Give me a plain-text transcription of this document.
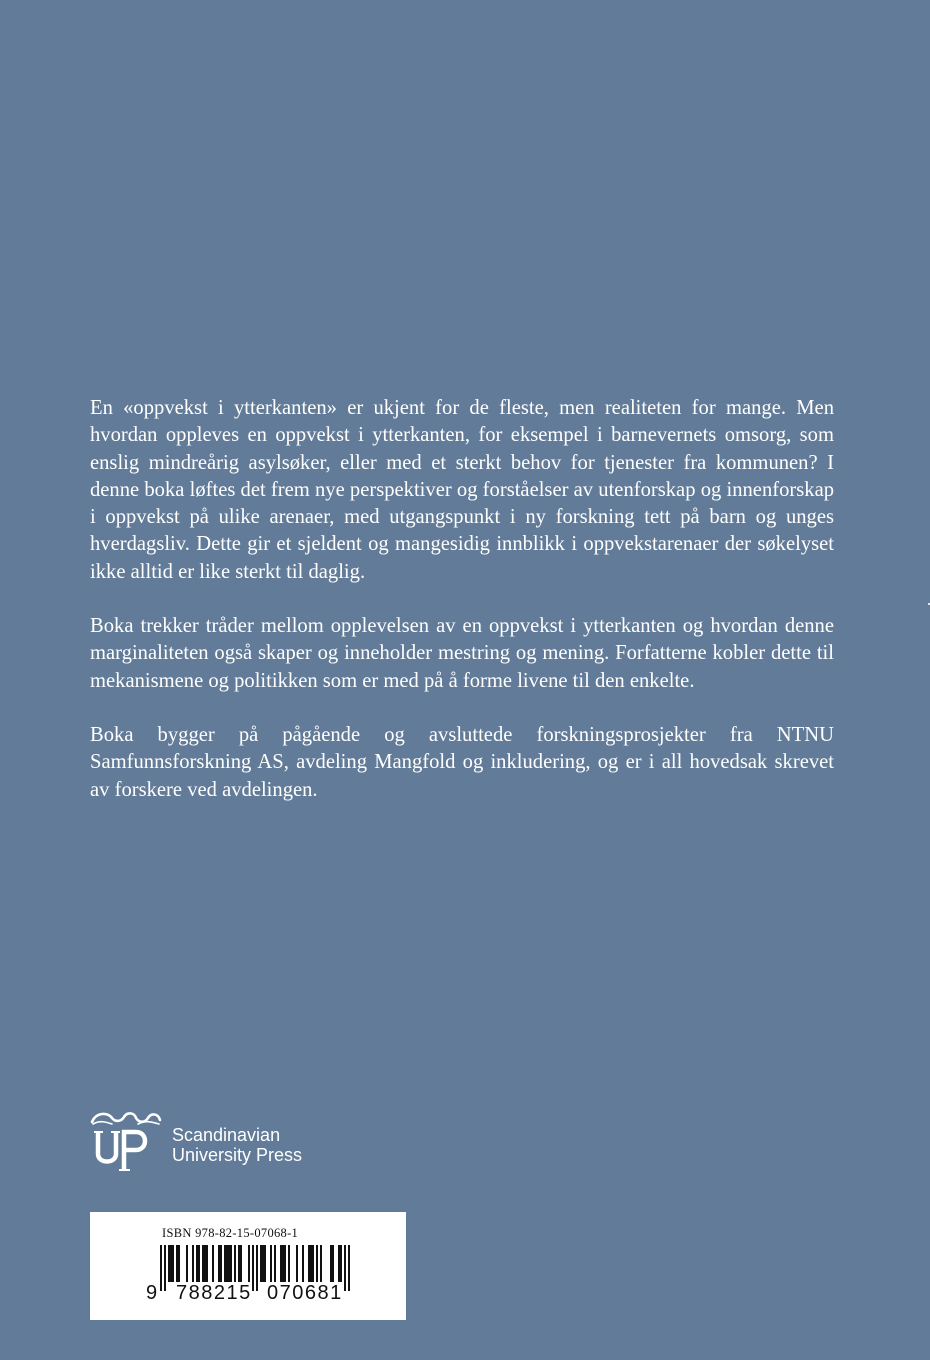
En «oppvekst i ytterkanten» er ukjent for de fleste, men realiteten for mange. Men hvordan oppleves en oppvekst i ytterkanten, for eksempel i barnevernets omsorg, som enslig mindreårig asylsøker, eller med et sterkt behov for tjenester fra kommunen? I denne boka løftes det frem nye perspektiver og forståelser av utenforskap og innenforskap i oppvekst på ulike arenaer, med utgangspunkt i ny forskning tett på barn og unges hverdagsliv. Dette gir et sjeldent og mangesidig innblikk i oppvekstarenaer der søkelyset ikke alltid er like sterkt til daglig.

Boka trekker tråder mellom opplevelsen av en oppvekst i ytterkanten og hvordan denne marginaliteten også skaper og inneholder mestring og mening. Forfatterne kobler dette til mekanismene og politikken som er med på å forme livene til den enkelte.

Boka bygger på pågående og avsluttede forskningsprosjekter fra NTNU Samfunnsforskning AS, avdeling Mangfold og inkludering, og er i all hovedsak skrevet av forskere ved avdelingen.

Scandinavian
University Press
ISBN 978-82-15-07068-1
9 788215 070681
